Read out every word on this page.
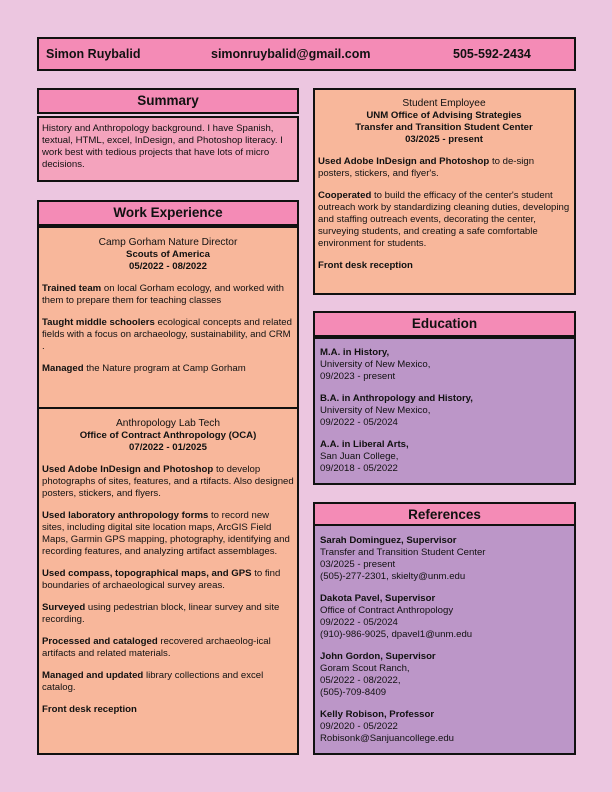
Simon Ruybalid	simonruybalid@gmail.com	505-592-2434
Summary
History and Anthropology background. I have Spanish, textual, HTML, excel, InDesign, and Photoshop literacy. I work best with tedious projects that have lots of micro decisions.
Work Experience

Camp Gorham Nature Director

Scouts of America

05/2022 - 08/2022

Trained team on local Gorham ecology, and worked with them to prepare them for teaching classes

Taught middle schoolers ecological concepts and related fields with a focus on archaeology, sustainability, and CRM .

Managed the Nature program at Camp Gorham

Anthropology Lab Tech

Office of Contract Anthropology (OCA)

07/2022 - 01/2025

Used Adobe InDesign and Photoshop to develop photographs of sites, features, and a rtifacts. Also designed posters, stickers, and flyers.

Used laboratory anthropology forms to record new sites, including digital site location maps, ArcGIS Field Maps, Garmin GPS mapping, photography, identifying and recording features, and analyzing artifact assemblages.

Used compass, topographical maps, and GPS to find boundaries of archaeological survey areas.

Surveyed using pedestrian block, linear survey and site recording.

Processed and cataloged recovered archaeolog-ical artifacts and related materials.

Managed and updated library collections and excel catalog.

Front desk reception

Student Employee

UNM Office of Advising Strategies

Transfer and Transition Student Center

03/2025 - present

Used Adobe InDesign and Photoshop to de-sign posters, stickers, and flyer's.

Cooperated to build the efficacy of the center's student outreach work by standardizing cleaning duties, developing and staffing outreach events, decorating the center, surveying students, and creating a safe comfortable environment for students.

Front desk reception

Education

M.A. in History,

University of New Mexico,

09/2023 - present

B.A. in Anthropology and History,

University of New Mexico,

09/2022 - 05/2024

A.A. in Liberal Arts,

San Juan College,

09/2018 - 05/2022

References

Sarah Dominguez, Supervisor

Transfer and Transition Student Center

03/2025 - present

(505)-277-2301, skielty@unm.edu

Dakota Pavel, Supervisor

Office of Contract Anthropology

09/2022 - 05/2024

(910)-986-9025, dpavel1@unm.edu

John Gordon, Supervisor

Goram Scout Ranch,

05/2022 - 08/2022,

(505)-709-8409

Kelly Robison, Professor

09/2020 - 05/2022

Robisonk@Sanjuancollege.edu
